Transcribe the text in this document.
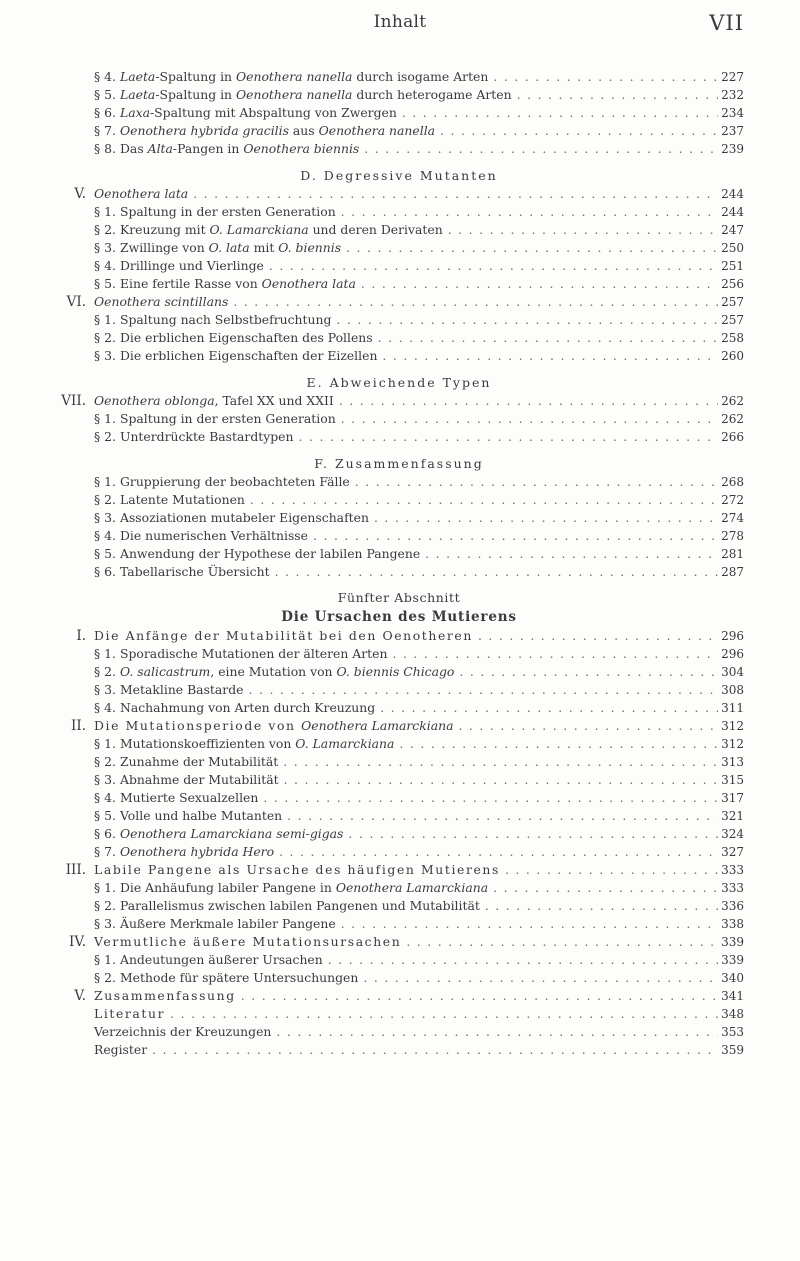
Inhalt	VII
§ 4. Laeta-Spaltung in Oenothera nanella durch isogame Arten . . .	227
§ 5. Laeta-Spaltung in Oenothera nanella durch heterogame Arten . . .	232
§ 6. Laxa-Spaltung mit Abspaltung von Zwergen . . .	234
§ 7. Oenothera hybrida gracilis aus Oenothera nanella . . .	237
§ 8. Das Alta-Pangen in Oenothera biennis . . .	239
D. Degressive Mutanten
V. Oenothera lata . . .	244
§ 1. Spaltung in der ersten Generation . . .	244
§ 2. Kreuzung mit O. Lamarckiana und deren Derivaten . . .	247
§ 3. Zwillinge von O. lata mit O. biennis . . .	250
§ 4. Drillinge und Vierlinge . . .	251
§ 5. Eine fertile Rasse von Oenothera lata . . .	256
VI. Oenothera scintillans . . .	257
§ 1. Spaltung nach Selbstbefruchtung . . .	257
§ 2. Die erblichen Eigenschaften des Pollens . . .	258
§ 3. Die erblichen Eigenschaften der Eizellen . . .	260
E. Abweichende Typen
VII. Oenothera oblonga, Tafel XX und XXII . . .	262
§ 1. Spaltung in der ersten Generation . . .	262
§ 2. Unterdrückte Bastardtypen . . .	266
F. Zusammenfassung
§ 1. Gruppierung der beobachteten Fälle . . .	268
§ 2. Latente Mutationen . . .	272
§ 3. Assoziationen mutabeler Eigenschaften . . .	274
§ 4. Die numerischen Verhältnisse . . .	278
§ 5. Anwendung der Hypothese der labilen Pangene . . .	281
§ 6. Tabellarische Übersicht . . .	287
Fünfter Abschnitt
Die Ursachen des Mutierens
I. Die Anfänge der Mutabilität bei den Oenotheren . . .	296
§ 1. Sporadische Mutationen der älteren Arten . . .	296
§ 2. O. salicastrum, eine Mutation von O. biennis Chicago . . .	304
§ 3. Metakline Bastarde . . .	308
§ 4. Nachahmung von Arten durch Kreuzung . . .	311
II. Die Mutationsperiode von Oenothera Lamarckiana . . .	312
§ 1. Mutationskoeffizienten von O. Lamarckiana . . .	312
§ 2. Zunahme der Mutabilität . . .	313
§ 3. Abnahme der Mutabilität . . .	315
§ 4. Mutierte Sexualzellen . . .	317
§ 5. Volle und halbe Mutanten . . .	321
§ 6. Oenothera Lamarckiana semi-gigas . . .	324
§ 7. Oenothera hybrida Hero . . .	327
III. Labile Pangene als Ursache des häufigen Mutierens . . .	333
§ 1. Die Anhäufung labiler Pangene in Oenothera Lamarckiana . . .	333
§ 2. Parallelismus zwischen labilen Pangenen und Mutabilität . . .	336
§ 3. Äußere Merkmale labiler Pangene . . .	338
IV. Vermutliche äußere Mutationsursachen . . .	339
§ 1. Andeutungen äußerer Ursachen . . .	339
§ 2. Methode für spätere Untersuchungen . . .	340
V. Zusammenfassung . . .	341
Literatur . . .	348
Verzeichnis der Kreuzungen . . .	353
Register . . .	359
